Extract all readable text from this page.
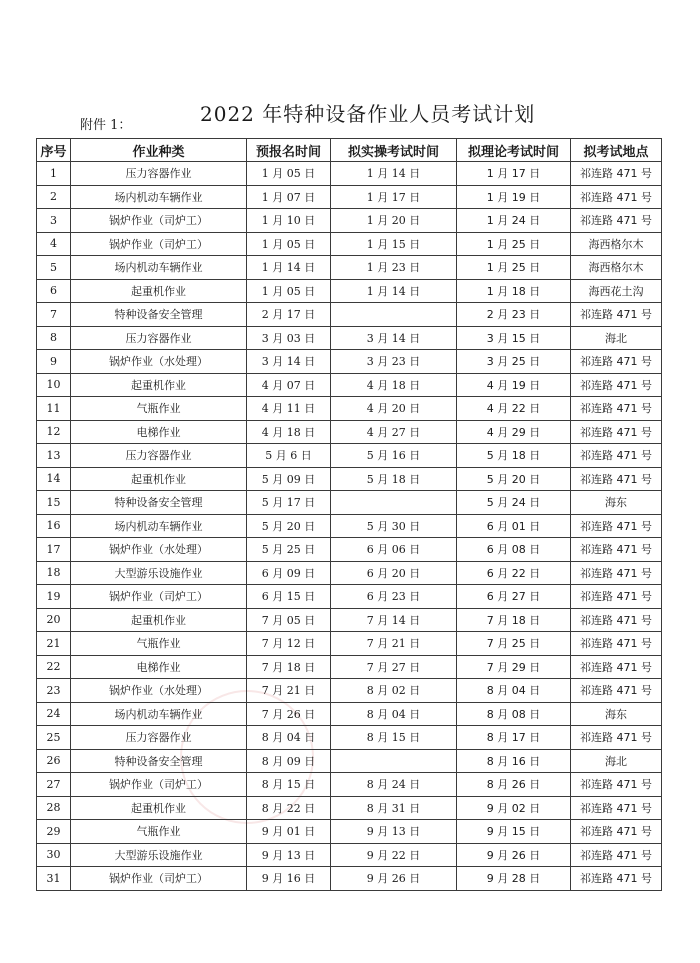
附件 1：	2022 年特种设备作业人员考试计划
序号	作业种类	预报名时间	拟实操考试时间	拟理论考试时间	拟考试地点
1	压力容器作业	1 月 05 日	1 月 14 日	1 月 17 日	祁连路 471 号
2	场内机动车辆作业	1 月 07 日	1 月 17 日	1 月 19 日	祁连路 471 号
3	锅炉作业（司炉工）	1 月 10 日	1 月 20 日	1 月 24 日	祁连路 471 号
4	锅炉作业（司炉工）	1 月 05 日	1 月 15 日	1 月 25 日	海西格尔木
5	场内机动车辆作业	1 月 14 日	1 月 23 日	1 月 25 日	海西格尔木
6	起重机作业	1 月 05 日	1 月 14 日	1 月 18 日	海西花土沟
7	特种设备安全管理	2 月 17 日		2 月 23 日	祁连路 471 号
8	压力容器作业	3 月 03 日	3 月 14 日	3 月 15 日	海北
9	锅炉作业（水处理）	3 月 14 日	3 月 23 日	3 月 25 日	祁连路 471 号
10	起重机作业	4 月 07 日	4 月 18 日	4 月 19 日	祁连路 471 号
11	气瓶作业	4 月 11 日	4 月 20 日	4 月 22 日	祁连路 471 号
12	电梯作业	4 月 18 日	4 月 27 日	4 月 29 日	祁连路 471 号
13	压力容器作业	5 月 6 日	5 月 16 日	5 月 18 日	祁连路 471 号
14	起重机作业	5 月 09 日	5 月 18 日	5 月 20 日	祁连路 471 号
15	特种设备安全管理	5 月 17 日		5 月 24 日	海东
16	场内机动车辆作业	5 月 20 日	5 月 30 日	6 月 01 日	祁连路 471 号
17	锅炉作业（水处理）	5 月 25 日	6 月 06 日	6 月 08 日	祁连路 471 号
18	大型游乐设施作业	6 月 09 日	6 月 20 日	6 月 22 日	祁连路 471 号
19	锅炉作业（司炉工）	6 月 15 日	6 月 23 日	6 月 27 日	祁连路 471 号
20	起重机作业	7 月 05 日	7 月 14 日	7 月 18 日	祁连路 471 号
21	气瓶作业	7 月 12 日	7 月 21 日	7 月 25 日	祁连路 471 号
22	电梯作业	7 月 18 日	7 月 27 日	7 月 29 日	祁连路 471 号
23	锅炉作业（水处理）	7 月 21 日	8 月 02 日	8 月 04 日	祁连路 471 号
24	场内机动车辆作业	7 月 26 日	8 月 04 日	8 月 08 日	海东
25	压力容器作业	8 月 04 日	8 月 15 日	8 月 17 日	祁连路 471 号
26	特种设备安全管理	8 月 09 日		8 月 16 日	海北
27	锅炉作业（司炉工）	8 月 15 日	8 月 24 日	8 月 26 日	祁连路 471 号
28	起重机作业	8 月 22 日	8 月 31 日	9 月 02 日	祁连路 471 号
29	气瓶作业	9 月 01 日	9 月 13 日	9 月 15 日	祁连路 471 号
30	大型游乐设施作业	9 月 13 日	9 月 22 日	9 月 26 日	祁连路 471 号
31	锅炉作业（司炉工）	9 月 16 日	9 月 26 日	9 月 28 日	祁连路 471 号
